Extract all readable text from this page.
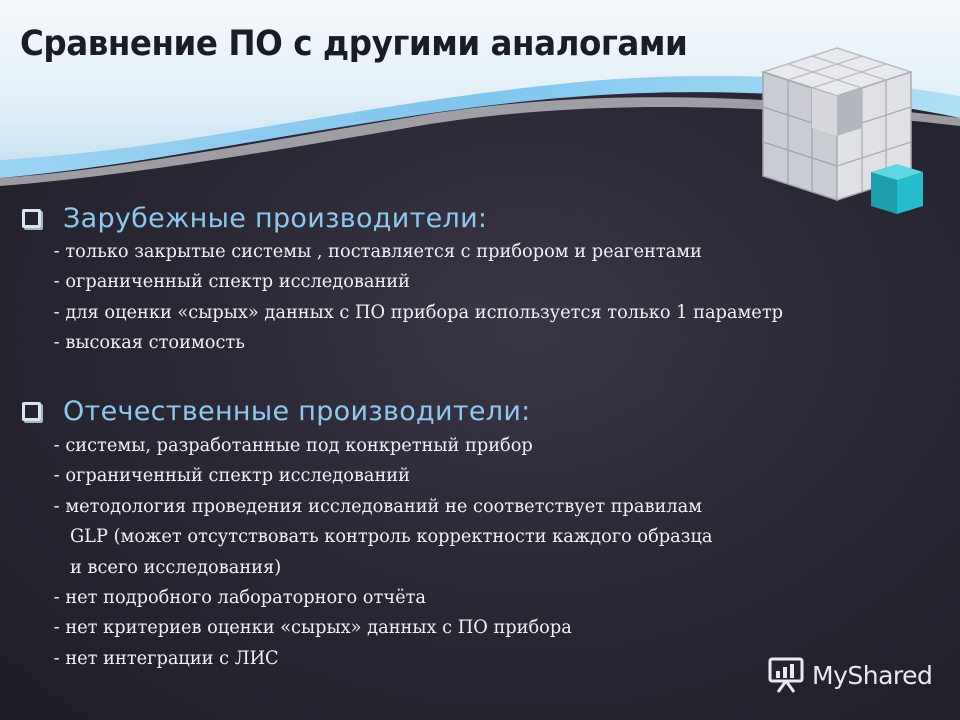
Сравнение ПО с другими аналогами
Зарубежные производители:
- только закрытые системы , поставляется с прибором и реагентами
- ограниченный спектр исследований
- для оценки «сырых» данных с ПО прибора используется только 1 параметр
- высокая стоимость
Отечественные производители:
- системы, разработанные под конкретный прибор
- ограниченный спектр исследований
- методология проведения исследований не соответствует правилам
GLP (может отсутствовать контроль корректности каждого образца
и всего исследования)
- нет подробного лабораторного отчёта
- нет критериев оценки «сырых» данных с ПО прибора
- нет интеграции с ЛИС
MyShared
